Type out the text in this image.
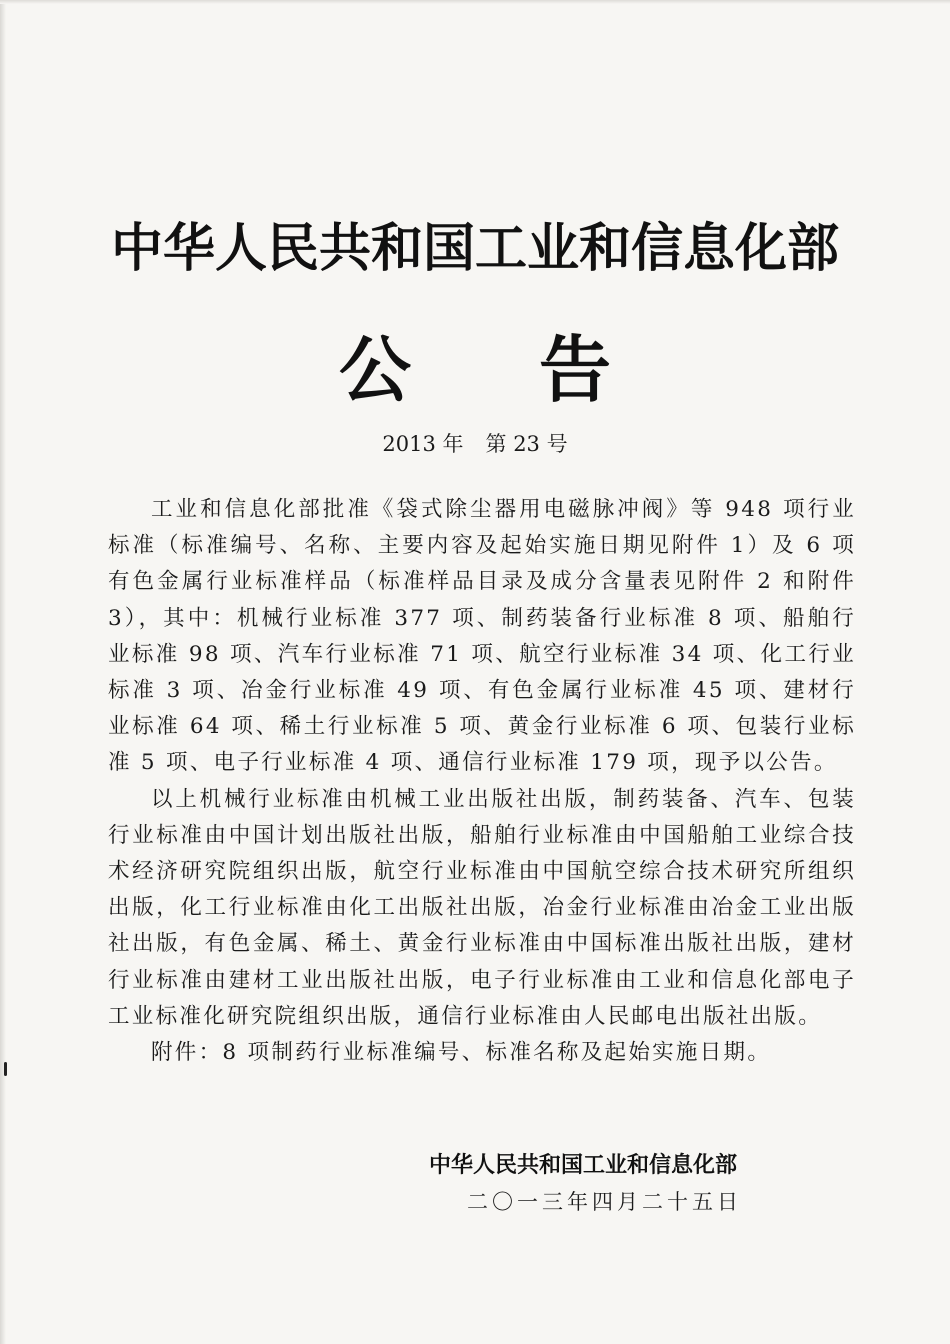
中华人民共和国工业和信息化部
公 告
2013 年 第 23 号

工业和信息化部批准《袋式除尘器用电磁脉冲阀》等 948 项行业标准（标准编号、名称、主要内容及起始实施日期见附件 1）及 6 项有色金属行业标准样品（标准样品目录及成分含量表见附件 2 和附件 3），其中：机械行业标准 377 项、制药装备行业标准 8 项、船舶行业标准 98 项、汽车行业标准 71 项、航空行业标准 34 项、化工行业标准 3 项、冶金行业标准 49 项、有色金属行业标准 45 项、建材行业标准 64 项、稀土行业标准 5 项、黄金行业标准 6 项、包装行业标准 5 项、电子行业标准 4 项、通信行业标准 179 项，现予以公告。

以上机械行业标准由机械工业出版社出版，制药装备、汽车、包装行业标准由中国计划出版社出版，船舶行业标准由中国船舶工业综合技术经济研究院组织出版，航空行业标准由中国航空综合技术研究所组织出版，化工行业标准由化工出版社出版，冶金行业标准由冶金工业出版社出版，有色金属、稀土、黄金行业标准由中国标准出版社出版，建材行业标准由建材工业出版社出版，电子行业标准由工业和信息化部电子工业标准化研究院组织出版，通信行业标准由人民邮电出版社出版。

附件：8 项制药行业标准编号、标准名称及起始实施日期。

中华人民共和国工业和信息化部
二〇一三年四月二十五日
